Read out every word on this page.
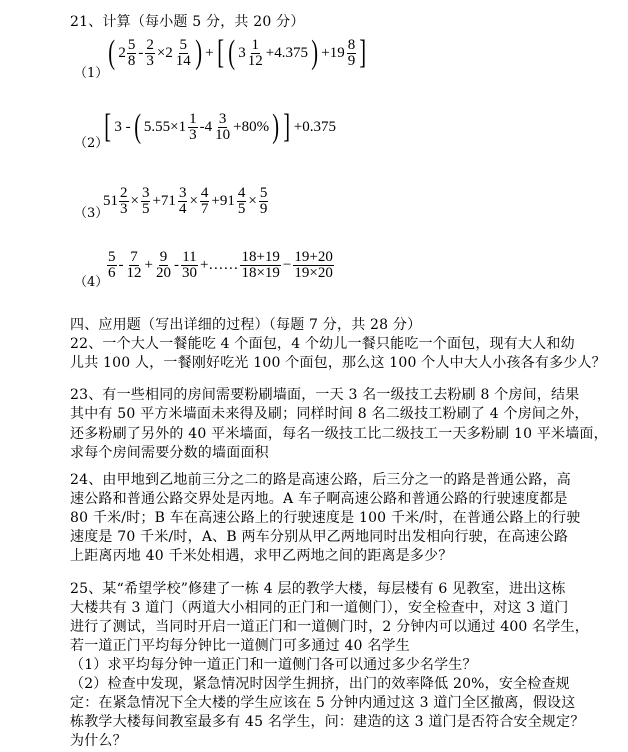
21、计算（每小题 5 分，共 20 分）
（1）
( $2 \frac{5}{8} - \frac{2}{3} \times 2 \frac{5}{14}$ ) + [ ( $3 \frac{1}{12} +4.375$ ) $+19 \frac{8}{9}$ ]
（2）
[ 3 - ( $5.55\times 1 \frac{1}{3} -4 \frac{3}{10} +80\%$ ) ] +0.375
（3）
$51 \frac{2}{3} \times \frac{3}{5} +71 \frac{3}{4} \times \frac{4}{7} +91 \frac{4}{5} \times \frac{5}{9}$
（4）
$\frac{5}{6} - \frac{7}{12} + \frac{9}{20} - \frac{11}{30}$ +…… $\frac{18+19}{18\times 19} - \frac{19+20}{19\times 20}$
四、应用题（写出详细的过程）（每题 7 分，共 28 分）
22、一个大人一餐能吃 4 个面包，4 个幼儿一餐只能吃一个面包，现有大人和幼
儿共 100 人，一餐刚好吃光 100 个面包，那么这 100 个人中大人小孩各有多少人？
23、有一些相同的房间需要粉刷墙面，一天 3 名一级技工去粉刷 8 个房间，结果
其中有 50 平方米墙面未来得及刷；同样时间 8 名二级技工粉刷了 4 个房间之外，
还多粉刷了另外的 40 平米墙面，每名一级技工比二级技工一天多粉刷 10 平米墙面，
求每个房间需要分数的墙面面积
24、由甲地到乙地前三分之二的路是高速公路，后三分之一的路是普通公路，高
速公路和普通公路交界处是丙地。A 车子啊高速公路和普通公路的行驶速度都是
80 千米/时；B 车在高速公路上的行驶速度是 100 千米/时，在普通公路上的行驶
速度是 70 千米/时，A、B 两车分别从甲乙两地同时出发相向行驶，在高速公路
上距离丙地 40 千米处相遇，求甲乙两地之间的距离是多少？
25、某“希望学校”修建了一栋 4 层的教学大楼，每层楼有 6 见教室，进出这栋
大楼共有 3 道门（两道大小相同的正门和一道侧门），安全检查中，对这 3 道门
进行了测试，当同时开启一道正门和一道侧门时，2 分钟内可以通过 400 名学生，
若一道正门平均每分钟比一道侧门可多通过 40 名学生
（1）求平均每分钟一道正门和一道侧门各可以通过多少名学生？
（2）检查中发现，紧急情况时因学生拥挤，出门的效率降低 20%，安全检查规
定：在紧急情况下全大楼的学生应该在 5 分钟内通过这 3 道门全区撤离，假设这
栋教学大楼每间教室最多有 45 名学生，问：建造的这 3 道门是否符合安全规定？
为什么？
